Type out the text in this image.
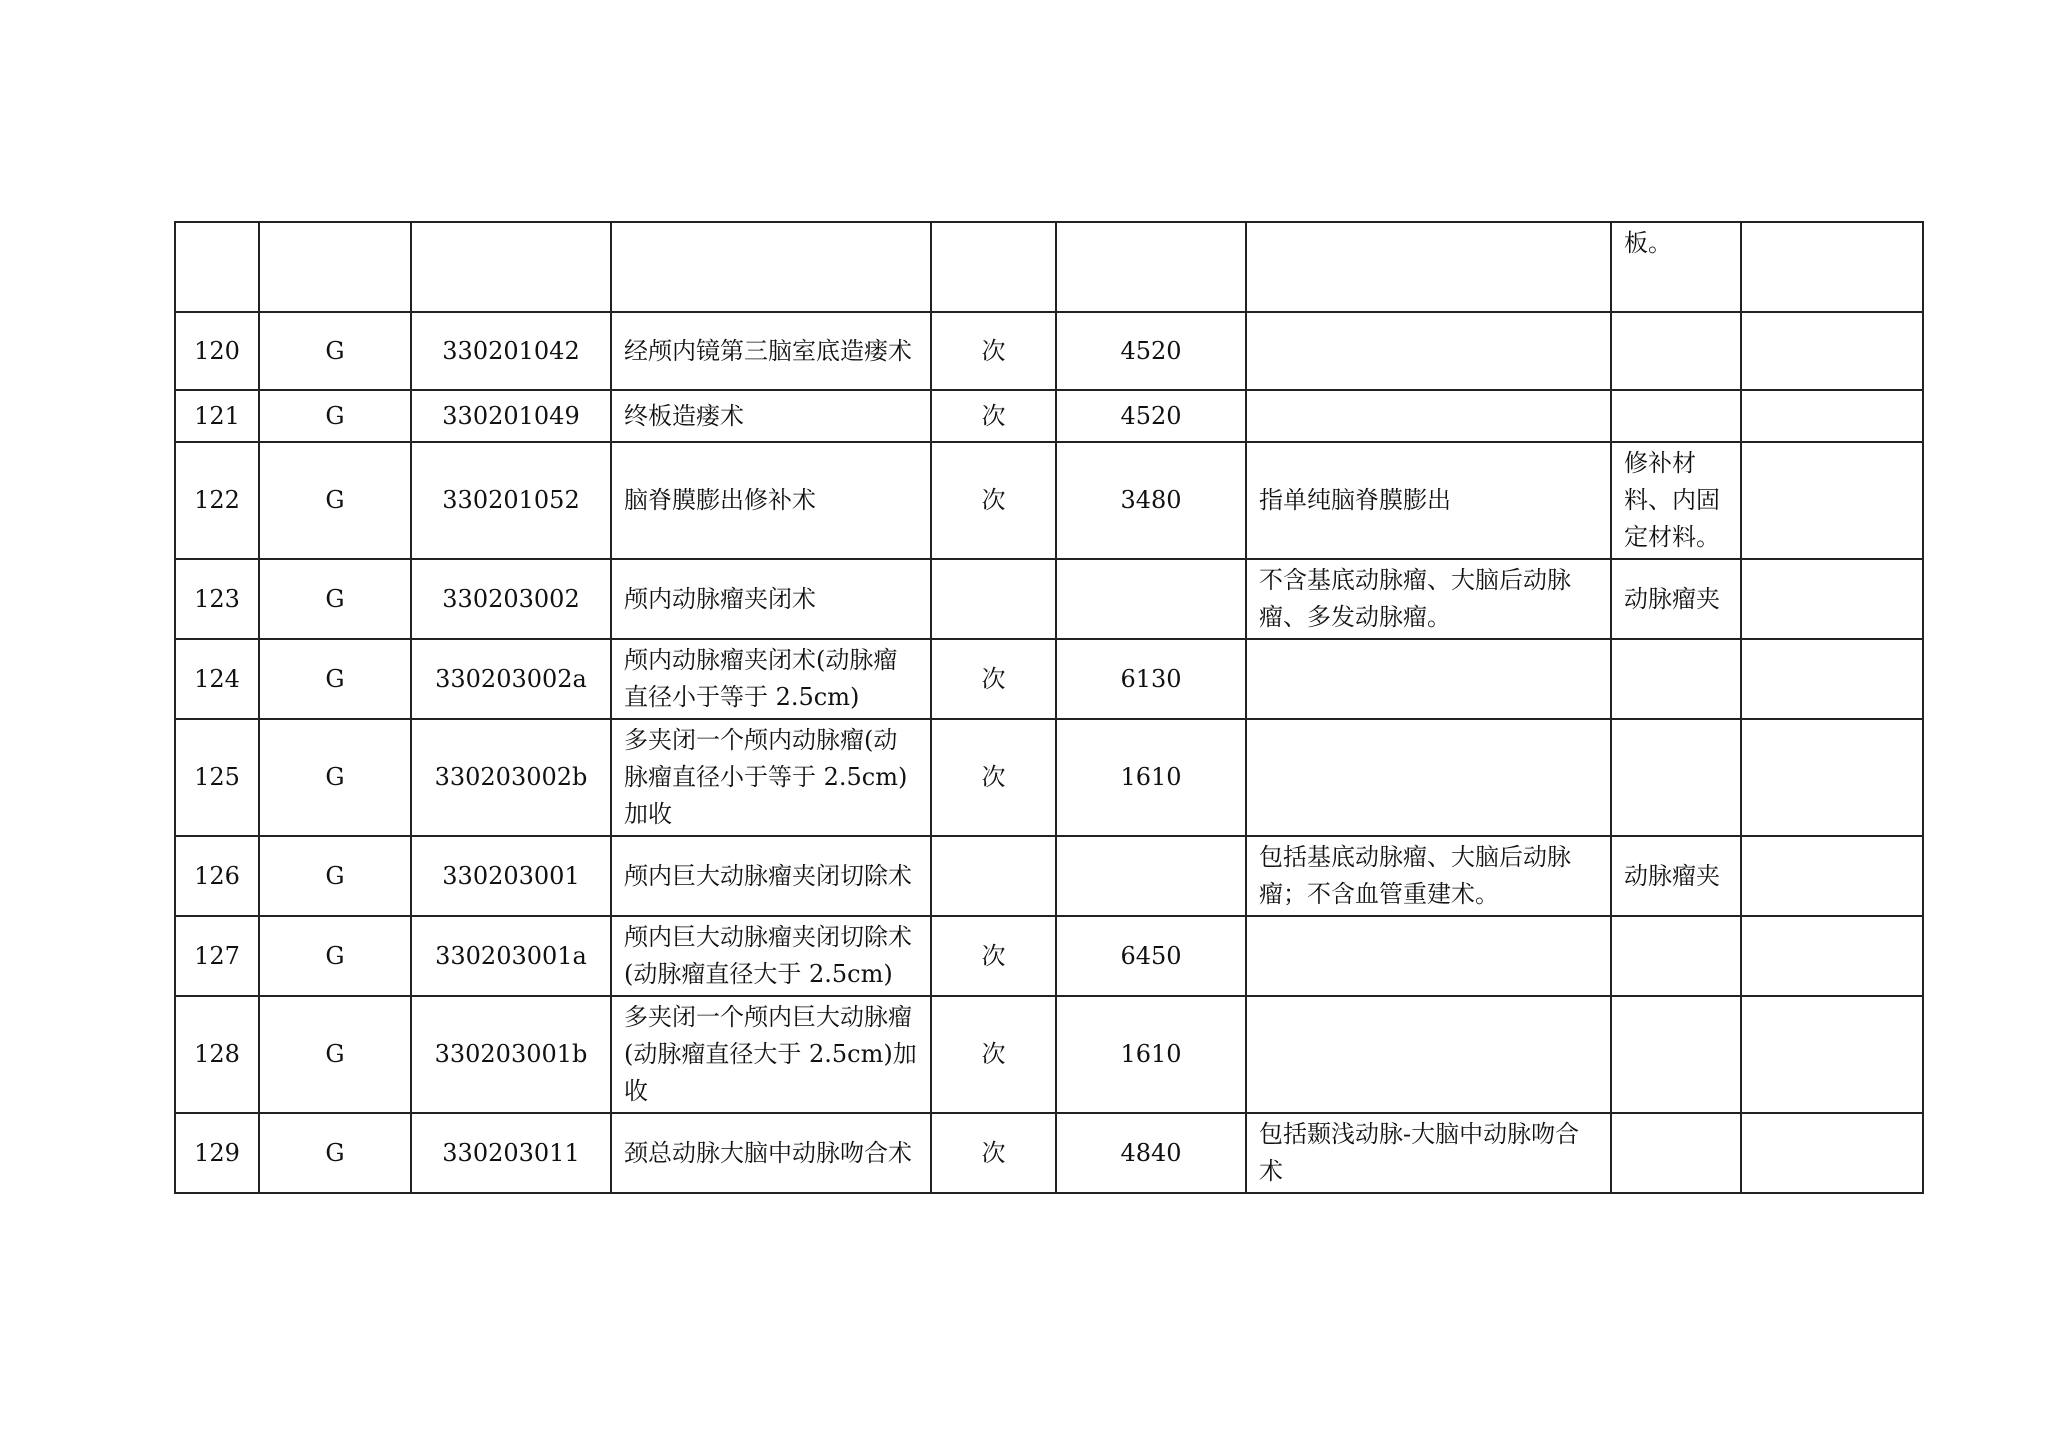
							板。	
120	G	330201042	经颅内镜第三脑室底造瘘术	次	4520			
121	G	330201049	终板造瘘术	次	4520			
122	G	330201052	脑脊膜膨出修补术	次	3480	指单纯脑脊膜膨出	修补材料、内固定材料。	
123	G	330203002	颅内动脉瘤夹闭术			不含基底动脉瘤、大脑后动脉瘤、多发动脉瘤。	动脉瘤夹	
124	G	330203002a	颅内动脉瘤夹闭术(动脉瘤直径小于等于 2.5cm)	次	6130			
125	G	330203002b	多夹闭一个颅内动脉瘤(动脉瘤直径小于等于 2.5cm)加收	次	1610			
126	G	330203001	颅内巨大动脉瘤夹闭切除术			包括基底动脉瘤、大脑后动脉瘤；不含血管重建术。	动脉瘤夹	
127	G	330203001a	颅内巨大动脉瘤夹闭切除术(动脉瘤直径大于 2.5cm)	次	6450			
128	G	330203001b	多夹闭一个颅内巨大动脉瘤(动脉瘤直径大于 2.5cm)加收	次	1610			
129	G	330203011	颈总动脉大脑中动脉吻合术	次	4840	包括颞浅动脉-大脑中动脉吻合术		
